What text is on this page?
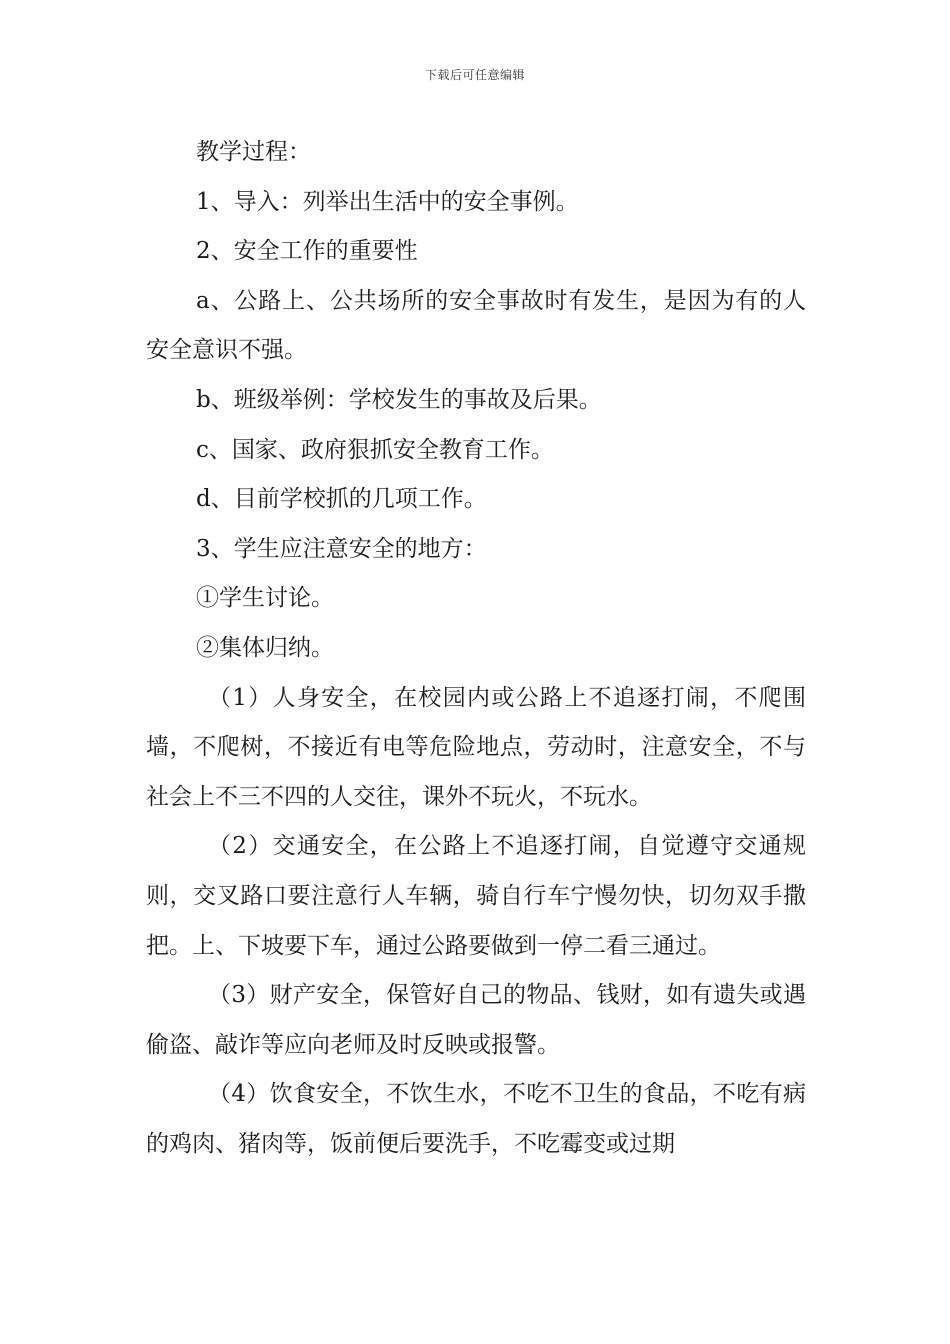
下载后可任意编辑

教学过程：

1、导入：列举出生活中的安全事例。

2、安全工作的重要性

a、公路上、公共场所的安全事故时有发生，是因为有的人安全意识不强。

b、班级举例：学校发生的事故及后果。

c、国家、政府狠抓安全教育工作。

d、目前学校抓的几项工作。

3、学生应注意安全的地方：

①学生讨论。

②集体归纳。

（1）人身安全，在校园内或公路上不追逐打闹，不爬围墙，不爬树，不接近有电等危险地点，劳动时，注意安全，不与社会上不三不四的人交往，课外不玩火，不玩水。

（2）交通安全，在公路上不追逐打闹，自觉遵守交通规则，交叉路口要注意行人车辆，骑自行车宁慢勿快，切勿双手撒把。上、下坡要下车，通过公路要做到一停二看三通过。

（3）财产安全，保管好自己的物品、钱财，如有遗失或遇偷盗、敲诈等应向老师及时反映或报警。

（4）饮食安全，不饮生水，不吃不卫生的食品，不吃有病的鸡肉、猪肉等，饭前便后要洗手，不吃霉变或过期
